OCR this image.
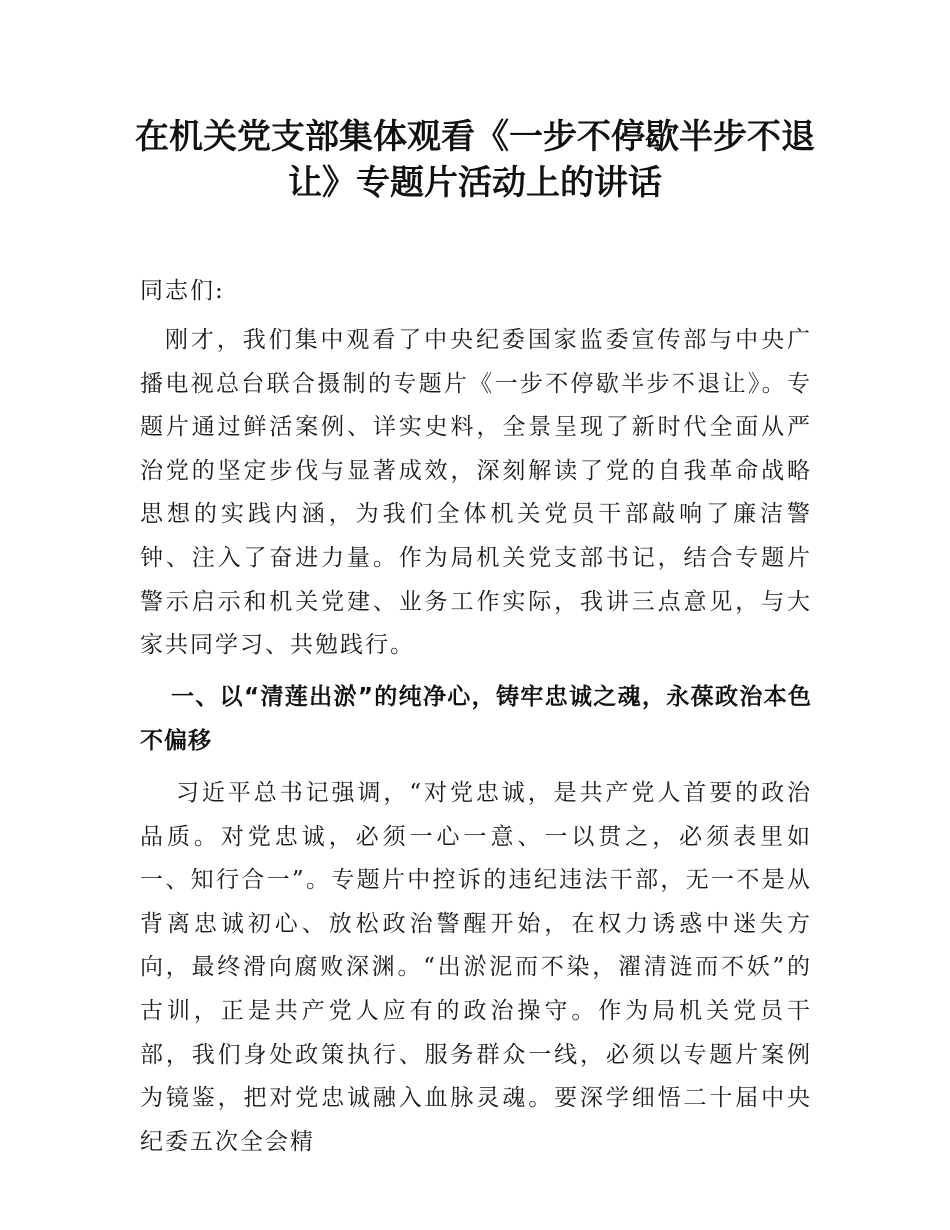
在机关党支部集体观看《一步不停歇半步不退让》专题片活动上的讲话

同志们:

刚才，我们集中观看了中央纪委国家监委宣传部与中央广播电视总台联合摄制的专题片《一步不停歇半步不退让》。专题片通过鲜活案例、详实史料，全景呈现了新时代全面从严治党的坚定步伐与显著成效，深刻解读了党的自我革命战略思想的实践内涵，为我们全体机关党员干部敲响了廉洁警钟、注入了奋进力量。作为局机关党支部书记，结合专题片警示启示和机关党建、业务工作实际，我讲三点意见，与大家共同学习、共勉践行。

一、以“清莲出淤”的纯净心，铸牢忠诚之魂，永葆政治本色不偏移

习近平总书记强调，“对党忠诚，是共产党人首要的政治品质。对党忠诚，必须一心一意、一以贯之，必须表里如一、知行合一”。专题片中控诉的违纪违法干部，无一不是从背离忠诚初心、放松政治警醒开始，在权力诱惑中迷失方向，最终滑向腐败深渊。“出淤泥而不染，濯清涟而不妖”的古训，正是共产党人应有的政治操守。作为局机关党员干部，我们身处政策执行、服务群众一线，必须以专题片案例为镜鉴，把对党忠诚融入血脉灵魂。要深学细悟二十届中央纪委五次全会精
